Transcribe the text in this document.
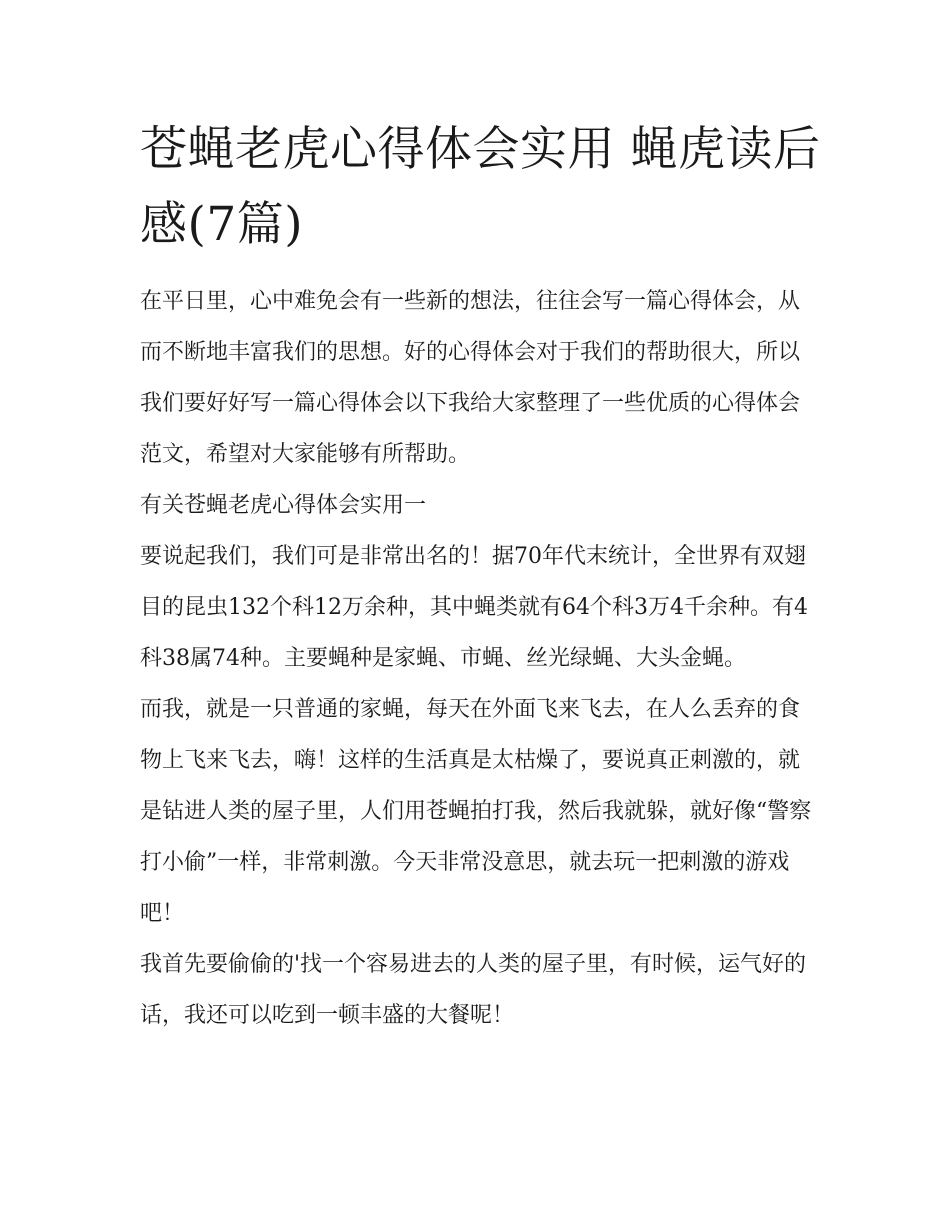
苍蝇老虎心得体会实用 蝇虎读后感(7篇)

在平日里，心中难免会有一些新的想法，往往会写一篇心得体会，从而不断地丰富我们的思想。好的心得体会对于我们的帮助很大，所以我们要好好写一篇心得体会以下我给大家整理了一些优质的心得体会范文，希望对大家能够有所帮助。

有关苍蝇老虎心得体会实用一

要说起我们，我们可是非常出名的！据70年代末统计，全世界有双翅目的昆虫132个科12万余种，其中蝇类就有64个科3万4千余种。有4科38属74种。主要蝇种是家蝇、市蝇、丝光绿蝇、大头金蝇。

而我，就是一只普通的家蝇，每天在外面飞来飞去，在人么丢弃的食物上飞来飞去，嗨！这样的生活真是太枯燥了，要说真正刺激的，就是钻进人类的屋子里，人们用苍蝇拍打我，然后我就躲，就好像“警察打小偷”一样，非常刺激。今天非常没意思，就去玩一把刺激的游戏吧！

我首先要偷偷的'找一个容易进去的人类的屋子里，有时候，运气好的话，我还可以吃到一顿丰盛的大餐呢！
